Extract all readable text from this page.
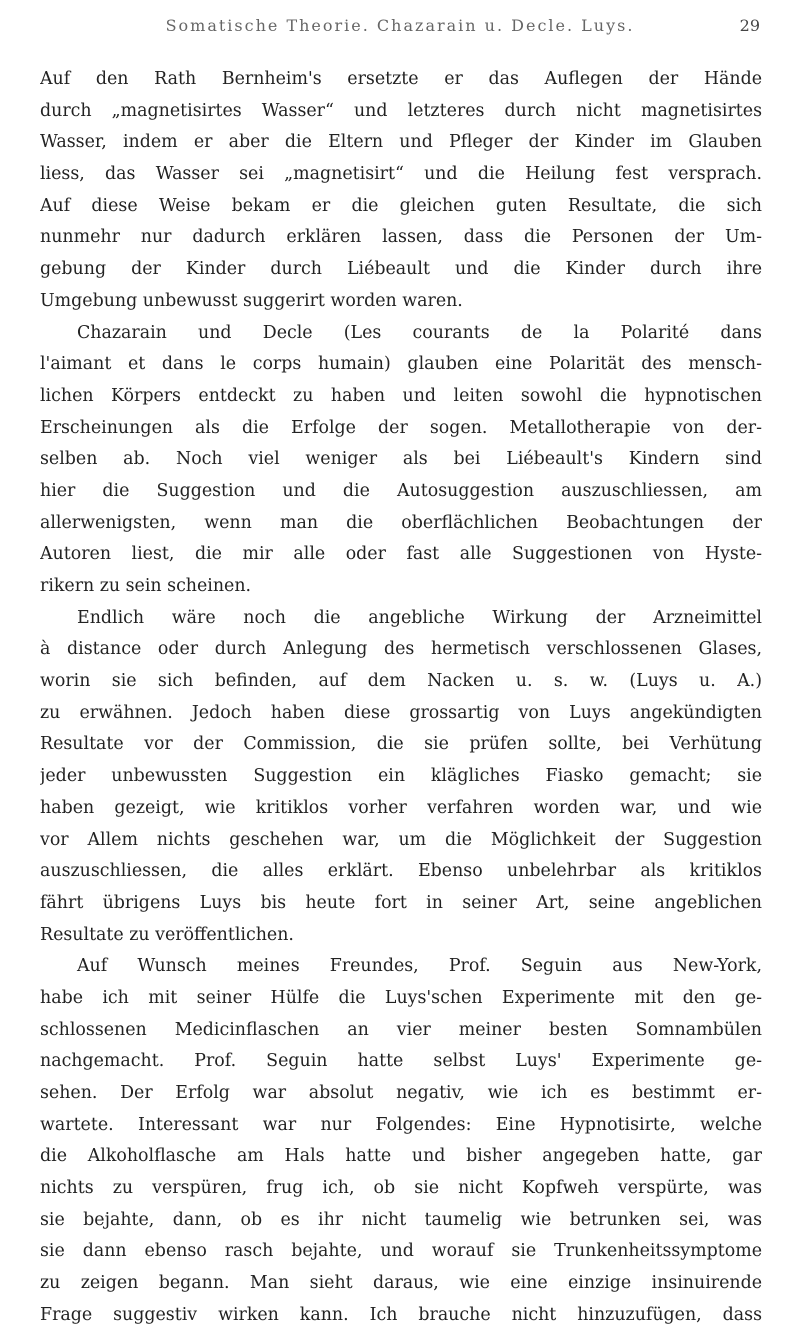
Somatische Theorie. Chazarain u. Decle. Luys.	29
Auf den Rath Bernheim's ersetzte er das Auflegen der Hände
durch „magnetisirtes Wasser“ und letzteres durch nicht magnetisirtes
Wasser, indem er aber die Eltern und Pfleger der Kinder im Glauben
liess, das Wasser sei „magnetisirt“ und die Heilung fest versprach.
Auf diese Weise bekam er die gleichen guten Resultate, die sich
nunmehr nur dadurch erklären lassen, dass die Personen der Um-
gebung der Kinder durch Liébeault und die Kinder durch ihre
Umgebung unbewusst suggerirt worden waren.
Chazarain und Decle (Les courants de la Polarité dans
l'aimant et dans le corps humain) glauben eine Polarität des mensch-
lichen Körpers entdeckt zu haben und leiten sowohl die hypnotischen
Erscheinungen als die Erfolge der sogen. Metallotherapie von der-
selben ab. Noch viel weniger als bei Liébeault's Kindern sind
hier die Suggestion und die Autosuggestion auszuschliessen, am
allerwenigsten, wenn man die oberflächlichen Beobachtungen der
Autoren liest, die mir alle oder fast alle Suggestionen von Hyste-
rikern zu sein scheinen.
Endlich wäre noch die angebliche Wirkung der Arzneimittel
à distance oder durch Anlegung des hermetisch verschlossenen Glases,
worin sie sich befinden, auf dem Nacken u. s. w. (Luys u. A.)
zu erwähnen. Jedoch haben diese grossartig von Luys angekündigten
Resultate vor der Commission, die sie prüfen sollte, bei Verhütung
jeder unbewussten Suggestion ein klägliches Fiasko gemacht; sie
haben gezeigt, wie kritiklos vorher verfahren worden war, und wie
vor Allem nichts geschehen war, um die Möglichkeit der Suggestion
auszuschliessen, die alles erklärt. Ebenso unbelehrbar als kritiklos
fährt übrigens Luys bis heute fort in seiner Art, seine angeblichen
Resultate zu veröffentlichen.
Auf Wunsch meines Freundes, Prof. Seguin aus New-York,
habe ich mit seiner Hülfe die Luys'schen Experimente mit den ge-
schlossenen Medicinflaschen an vier meiner besten Somnambülen
nachgemacht. Prof. Seguin hatte selbst Luys' Experimente ge-
sehen. Der Erfolg war absolut negativ, wie ich es bestimmt er-
wartete. Interessant war nur Folgendes: Eine Hypnotisirte, welche
die Alkoholflasche am Hals hatte und bisher angegeben hatte, gar
nichts zu verspüren, frug ich, ob sie nicht Kopfweh verspürte, was
sie bejahte, dann, ob es ihr nicht taumelig wie betrunken sei, was
sie dann ebenso rasch bejahte, und worauf sie Trunkenheitssymptome
zu zeigen begann. Man sieht daraus, wie eine einzige insinuirende
Frage suggestiv wirken kann. Ich brauche nicht hinzuzufügen, dass
